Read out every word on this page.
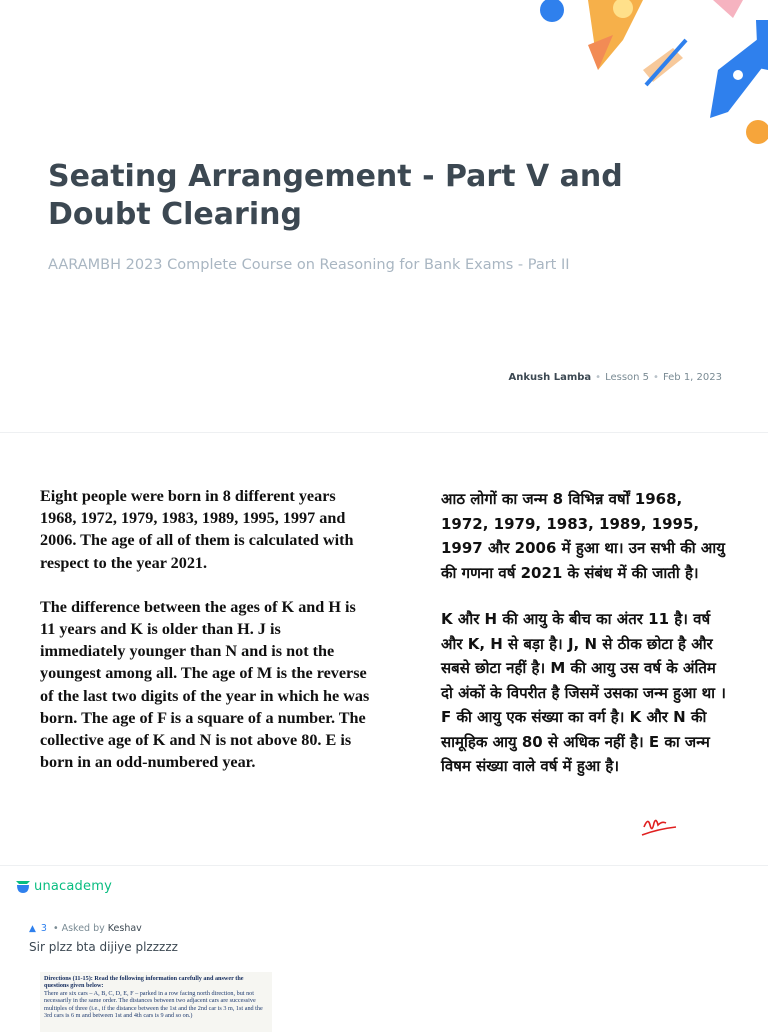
Seating Arrangement - Part V and Doubt Clearing
AARAMBH 2023 Complete Course on Reasoning for Bank Exams - Part II
Ankush Lamba • Lesson 5 • Feb 1, 2023

Eight people were born in 8 different years 1968, 1972, 1979, 1983, 1989, 1995, 1997 and 2006. The age of all of them is calculated with respect to the year 2021.

The difference between the ages of K and H is 11 years and K is older than H. J is immediately younger than N and is not the youngest among all. The age of M is the reverse of the last two digits of the year in which he was born. The age of F is a square of a number. The collective age of K and N is not above 80. E is born in an odd-numbered year.

आठ लोगों का जन्म 8 विभिन्न वर्षों 1968, 1972, 1979, 1983, 1989, 1995, 1997 और 2006 में हुआ था। उन सभी की आयु की गणना वर्ष 2021 के संबंध में की जाती है।

K और H की आयु के बीच का अंतर 11 है। वर्ष और K, H से बड़ा है। J, N से ठीक छोटा है और सबसे छोटा नहीं है। M की आयु उस वर्ष के अंतिम दो अंकों के विपरीत है जिसमें उसका जन्म हुआ था । F की आयु एक संख्या का वर्ग है। K और N की सामूहिक आयु 80 से अधिक नहीं है। E का जन्म विषम संख्या वाले वर्ष में हुआ है।

unacademy
▲ 3 • Asked by Keshav
Sir plzz bta dijiye plzzzzz
Directions (11-15): Read the following information carefully and answer the questions given below:
There are six cars – A, B, C, D, E, F – parked in a row facing north direction, but not necessarily in the same order. The distances between two adjacent cars are successive multiples of three (i.e., if the distance between the 1st and the 2nd car is 3 m, 1st and the 3rd cars is 6 m and between 1st and 4th cars is 9 and so on.)
